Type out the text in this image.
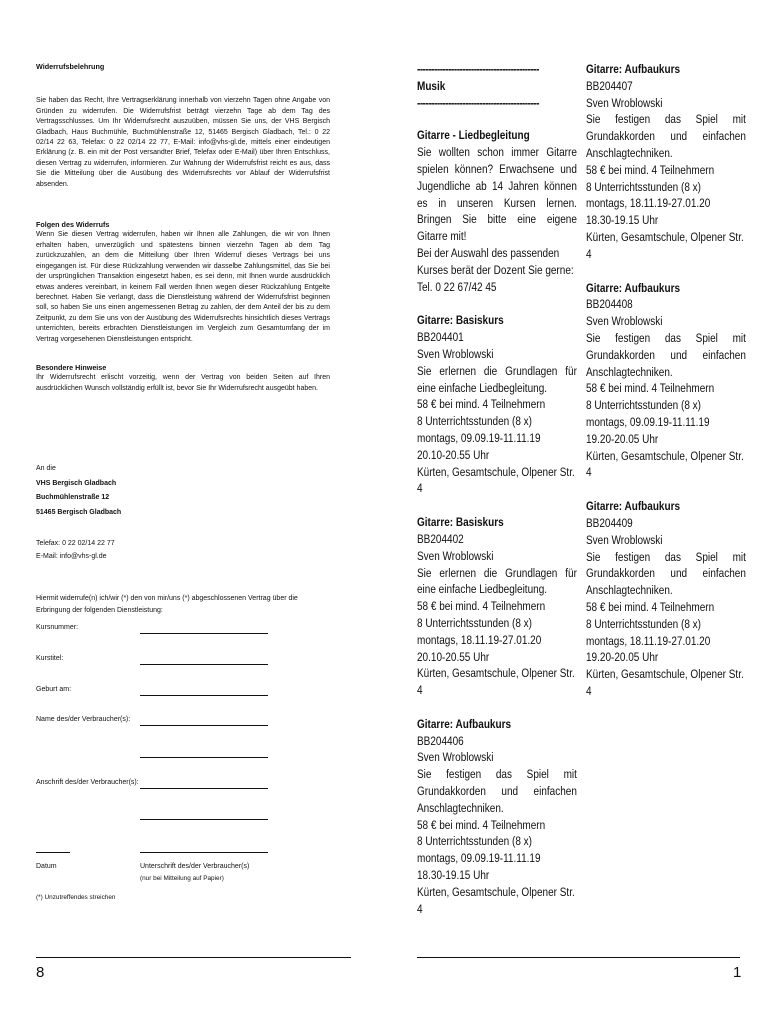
Widerrufsbelehrung

Sie haben das Recht, Ihre Vertragserklärung innerhalb von vierzehn Tagen ohne Angabe von Gründen zu widerrufen. Die Widerrufsfrist beträgt vierzehn Tage ab dem Tag des Vertragsschlusses. Um Ihr Widerrufsrecht auszuüben, müssen Sie uns, der VHS Bergisch Gladbach, Haus Buchmühle, Buchmühlenstraße 12, 51465 Bergisch Gladbach, Tel.: 0 22 02/14 22 63, Telefax: 0 22 02/14 22 77, E-Mail: info@vhs-gl.de, mittels einer eindeutigen Erklärung (z. B. ein mit der Post versandter Brief, Telefax oder E-Mail) über Ihren Entschluss, diesen Vertrag zu widerrufen, informieren. Zur Wahrung der Widerrufsfrist reicht es aus, dass Sie die Mitteilung über die Ausübung des Widerrufsrechts vor Ablauf der Widerrufsfrist absenden.

Folgen des Widerrufs

Wenn Sie diesen Vertrag widerrufen, haben wir Ihnen alle Zahlungen, die wir von Ihnen erhalten haben, unverzüglich und spätestens binnen vierzehn Tagen ab dem Tag zurückzuzahlen, an dem die Mitteilung über Ihren Widerruf dieses Vertrags bei uns eingegangen ist. Für diese Rückzahlung verwenden wir dasselbe Zahlungsmittel, das Sie bei der ursprünglichen Transaktion eingesetzt haben, es sei denn, mit Ihnen wurde ausdrücklich etwas anderes vereinbart, in keinem Fall werden Ihnen wegen dieser Rückzahlung Entgelte berechnet. Haben Sie verlangt, dass die Dienstleistung während der Widerrufsfrist beginnen soll, so haben Sie uns einen angemessenen Betrag zu zahlen, der dem Anteil der bis zu dem Zeitpunkt, zu dem Sie uns von der Ausübung des Widerrufsrechts hinsichtlich dieses Vertrags unterrichten, bereits erbrachten Dienstleistungen im Vergleich zum Gesamtumfang der im Vertrag vorgesehenen Dienstleistungen entspricht.

Besondere Hinweise

Ihr Widerrufsrecht erlischt vorzeitig, wenn der Vertrag von beiden Seiten auf Ihren ausdrücklichen Wunsch vollständig erfüllt ist, bevor Sie Ihr Widerrufsrecht ausgeübt haben.

An die
VHS Bergisch Gladbach
Buchmühlenstraße 12
51465 Bergisch Gladbach
Telefax: 0 22 02/14 22 77
E-Mail: info@vhs-gl.de
Hiermit widerrufe(n) ich/wir (*) den von mir/uns (*) abgeschlossenen Vertrag über die Erbringung der folgenden Dienstleistung:
Kursnummer:
Kurstitel:
Geburt am:
Name des/der Verbraucher(s):
Anschrift des/der Verbraucher(s):
Datum	Unterschrift des/der Verbraucher(s)
(nur bei Mitteilung auf Papier)
(*) Unzutreffendes streichen
8
-------------------------------------------
Musik
-------------------------------------------
Gitarre - Liedbegleitung
Sie wollten schon immer Gitarre spielen können? Erwachsene und Jugendliche ab 14 Jahren können es in unseren Kursen lernen. Bringen Sie bitte eine eigene Gitarre mit!
Bei der Auswahl des passenden Kurses berät der Dozent Sie gerne:
Tel. 0 22 67/42 45
Gitarre: Basiskurs
BB204401
Sven Wroblowski
Sie erlernen die Grundlagen für eine einfache Liedbegleitung.
58 € bei mind. 4 Teilnehmern
8 Unterrichtsstunden (8 x)
montags, 09.09.19-11.11.19
20.10-20.55 Uhr
Kürten, Gesamtschule, Olpener Str. 4
Gitarre: Basiskurs
BB204402
Sven Wroblowski
Sie erlernen die Grundlagen für eine einfache Liedbegleitung.
58 € bei mind. 4 Teilnehmern
8 Unterrichtsstunden (8 x)
montags, 18.11.19-27.01.20
20.10-20.55 Uhr
Kürten, Gesamtschule, Olpener Str. 4
Gitarre: Aufbaukurs
BB204406
Sven Wroblowski
Sie festigen das Spiel mit Grundakkorden und einfachen Anschlagtechniken.
58 € bei mind. 4 Teilnehmern
8 Unterrichtsstunden (8 x)
montags, 09.09.19-11.11.19
18.30-19.15 Uhr
Kürten, Gesamtschule, Olpener Str. 4
Gitarre: Aufbaukurs
BB204407
Sven Wroblowski
Sie festigen das Spiel mit Grundakkorden und einfachen Anschlagtechniken.
58 € bei mind. 4 Teilnehmern
8 Unterrichtsstunden (8 x)
montags, 18.11.19-27.01.20
18.30-19.15 Uhr
Kürten, Gesamtschule, Olpener Str. 4
Gitarre: Aufbaukurs
BB204408
Sven Wroblowski
Sie festigen das Spiel mit Grundakkorden und einfachen Anschlagtechniken.
58 € bei mind. 4 Teilnehmern
8 Unterrichtsstunden (8 x)
montags, 09.09.19-11.11.19
19.20-20.05 Uhr
Kürten, Gesamtschule, Olpener Str. 4
Gitarre: Aufbaukurs
BB204409
Sven Wroblowski
Sie festigen das Spiel mit Grundakkorden und einfachen Anschlagtechniken.
58 € bei mind. 4 Teilnehmern
8 Unterrichtsstunden (8 x)
montags, 18.11.19-27.01.20
19.20-20.05 Uhr
Kürten, Gesamtschule, Olpener Str. 4
1
